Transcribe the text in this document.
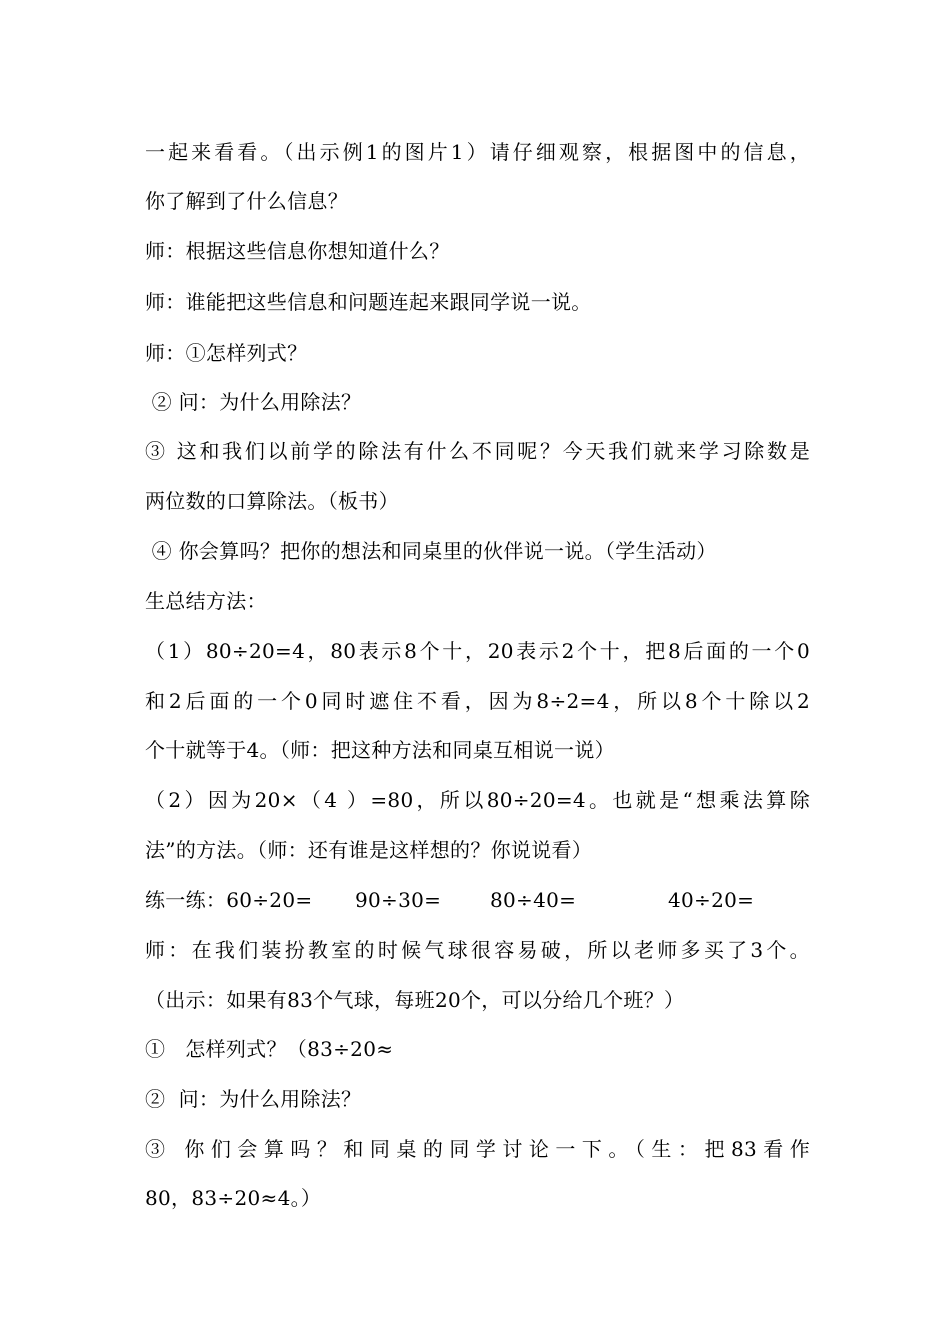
一起来看看。（出示例1的图片1）请仔细观察，根据图中的信息，
你了解到了什么信息？
师：根据这些信息你想知道什么？
师：谁能把这些信息和问题连起来跟同学说一说。
师：①怎样列式？
② 问：为什么用除法？
③ 这和我们以前学的除法有什么不同呢？今天我们就来学习除数是
两位数的口算除法。（板书）
④ 你会算吗？把你的想法和同桌里的伙伴说一说。（学生活动）
生总结方法：
（1）80÷20=4，80表示8个十，20表示2个十，把8后面的一个0
和2后面的一个0同时遮住不看，因为8÷2=4，所以8个十除以2
个十就等于4。（师：把这种方法和同桌互相说一说）
（2）因为20×（4 ）=80，所以80÷20=4。也就是“想乘法算除
法”的方法。（师：还有谁是这样想的？你说说看）
练一练：60÷20= 90÷30= 80÷40=	40÷20=
师：在我们装扮教室的时候气球很容易破，所以老师多买了3个。
（出示：如果有83个气球，每班20个，可以分给几个班？）
①   怎样列式？（83÷20≈
②  问：为什么用除法？
③ 你们会算吗？和同桌的同学讨论一下。（生：把83看作
80，83÷20≈4。）
